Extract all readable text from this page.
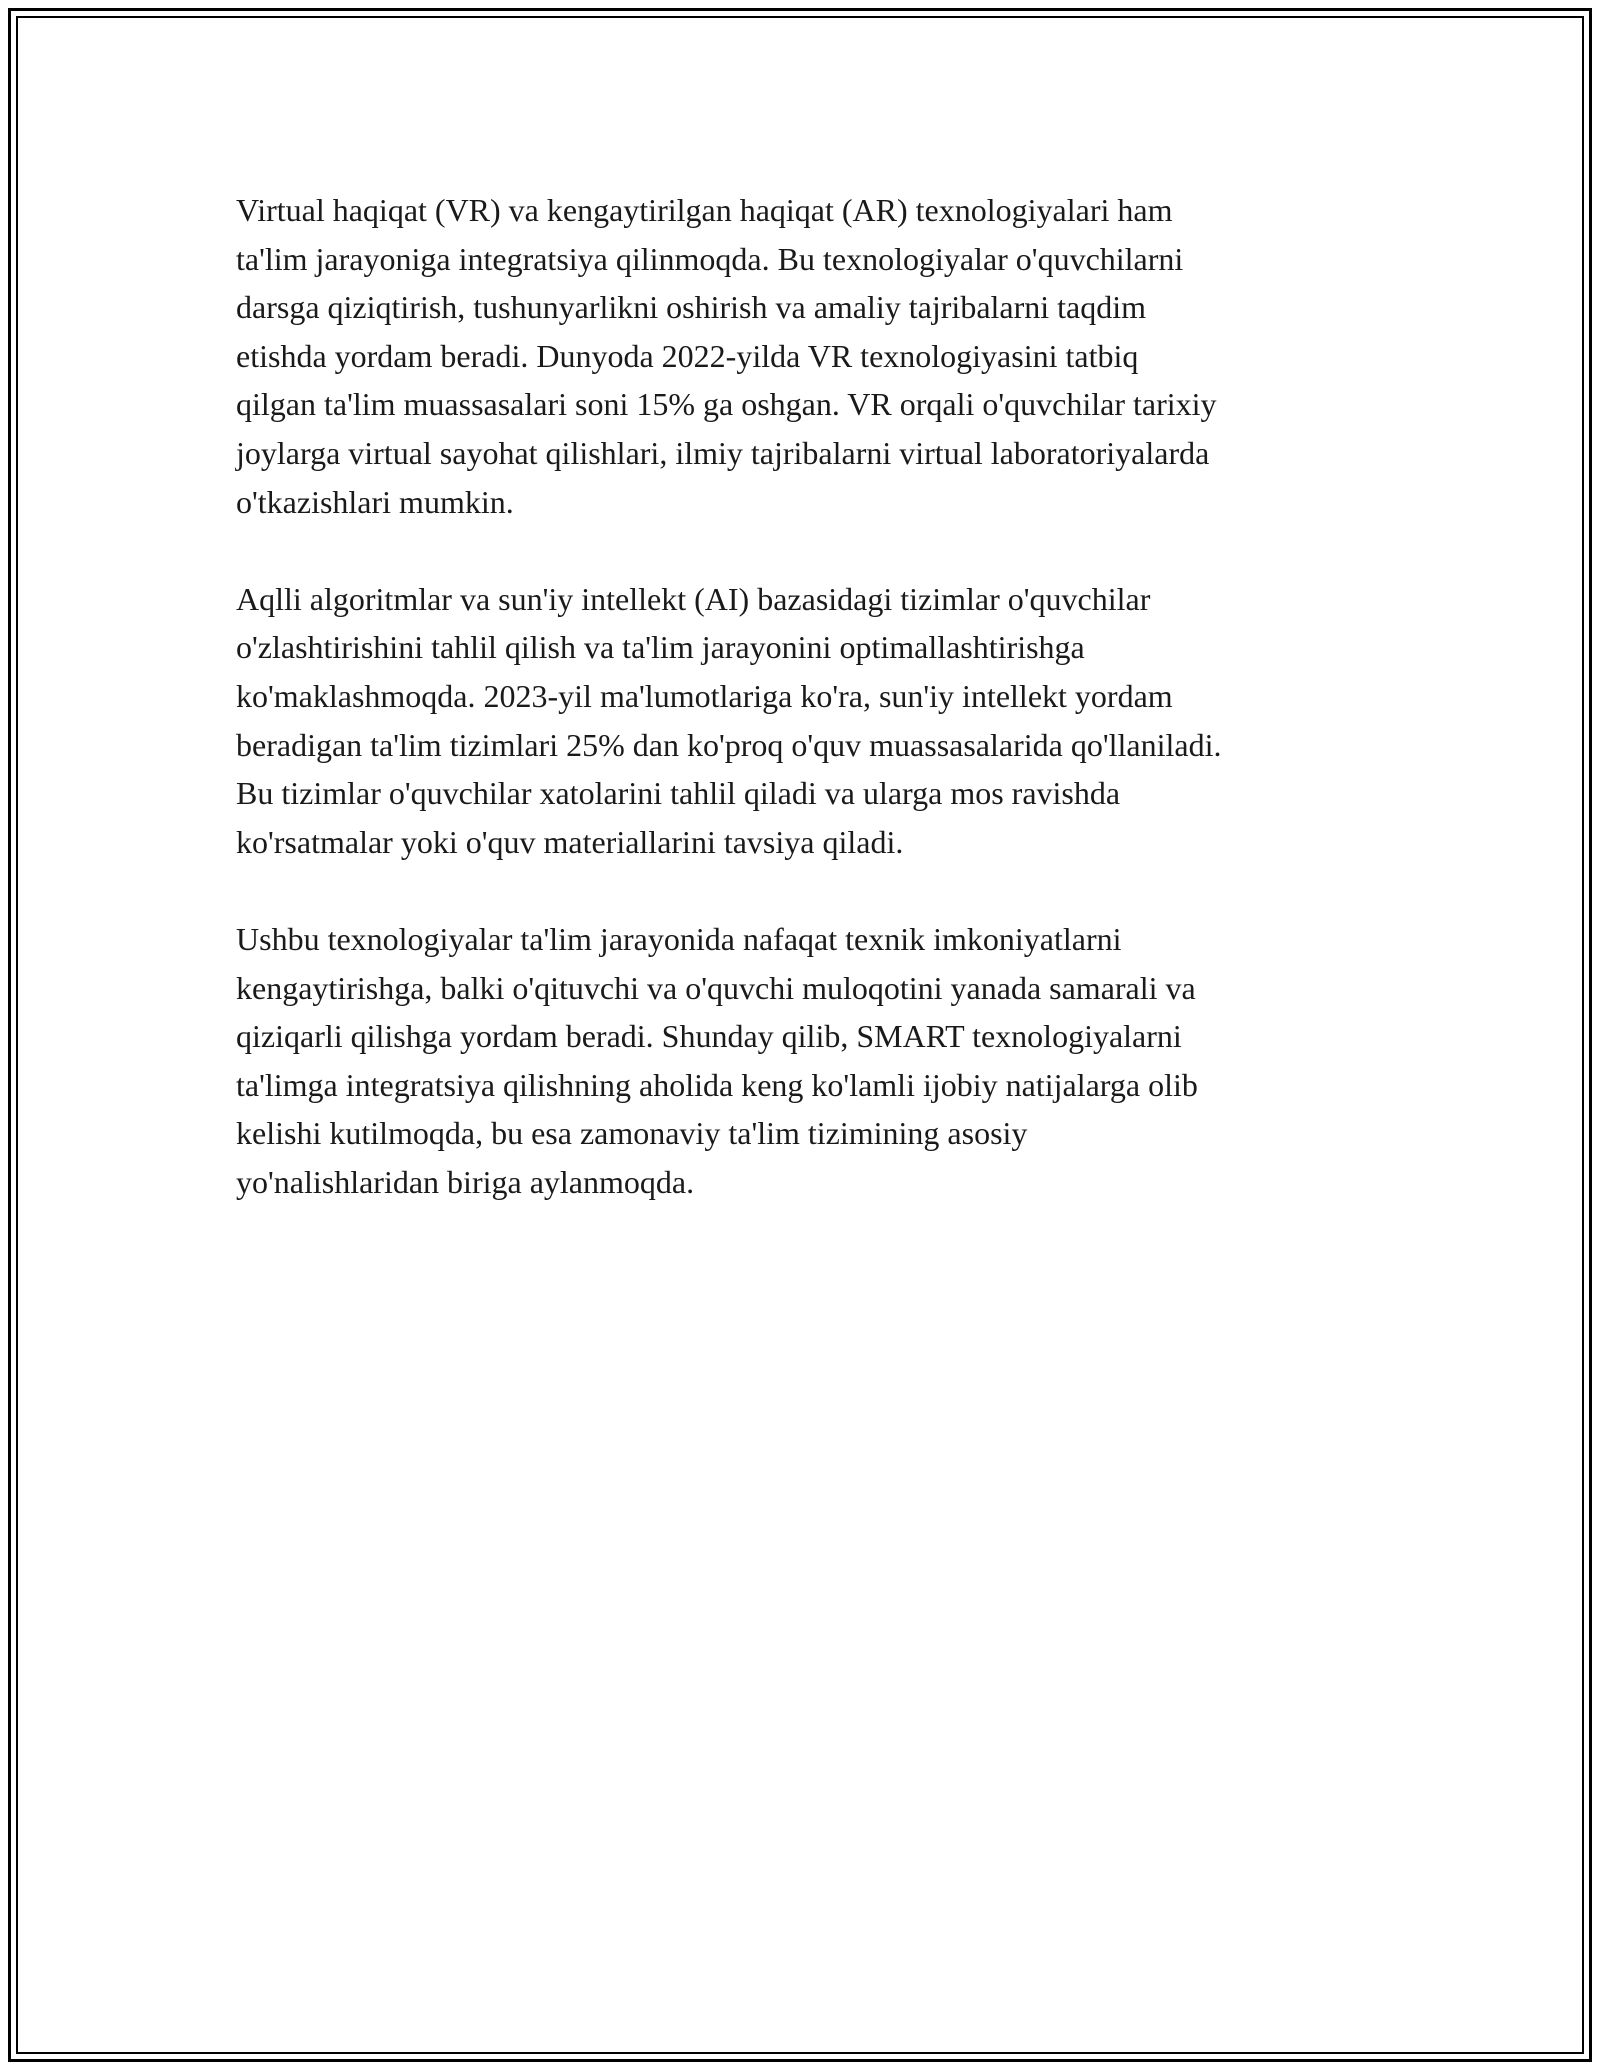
Virtual haqiqat (VR) va kengaytirilgan haqiqat (AR) texnologiyalari ham
ta'lim jarayoniga integratsiya qilinmoqda. Bu texnologiyalar o'quvchilarni
darsga qiziqtirish, tushunyarlikni oshirish va amaliy tajribalarni taqdim
etishda yordam beradi. Dunyoda 2022-yilda VR texnologiyasini tatbiq
qilgan ta'lim muassasalari soni 15% ga oshgan. VR orqali o'quvchilar tarixiy
joylarga virtual sayohat qilishlari, ilmiy tajribalarni virtual laboratoriyalarda
o'tkazishlari mumkin.

Aqlli algoritmlar va sun'iy intellekt (AI) bazasidagi tizimlar o'quvchilar
o'zlashtirishini tahlil qilish va ta'lim jarayonini optimallashtirishga
ko'maklashmoqda. 2023-yil ma'lumotlariga ko'ra, sun'iy intellekt yordam
beradigan ta'lim tizimlari 25% dan ko'proq o'quv muassasalarida qo'llaniladi.
Bu tizimlar o'quvchilar xatolarini tahlil qiladi va ularga mos ravishda
ko'rsatmalar yoki o'quv materiallarini tavsiya qiladi.

Ushbu texnologiyalar ta'lim jarayonida nafaqat texnik imkoniyatlarni
kengaytirishga, balki o'qituvchi va o'quvchi muloqotini yanada samarali va
qiziqarli qilishga yordam beradi. Shunday qilib, SMART texnologiyalarni
ta'limga integratsiya qilishning aholida keng ko'lamli ijobiy natijalarga olib
kelishi kutilmoqda, bu esa zamonaviy ta'lim tizimining asosiy
yo'nalishlaridan biriga aylanmoqda.
